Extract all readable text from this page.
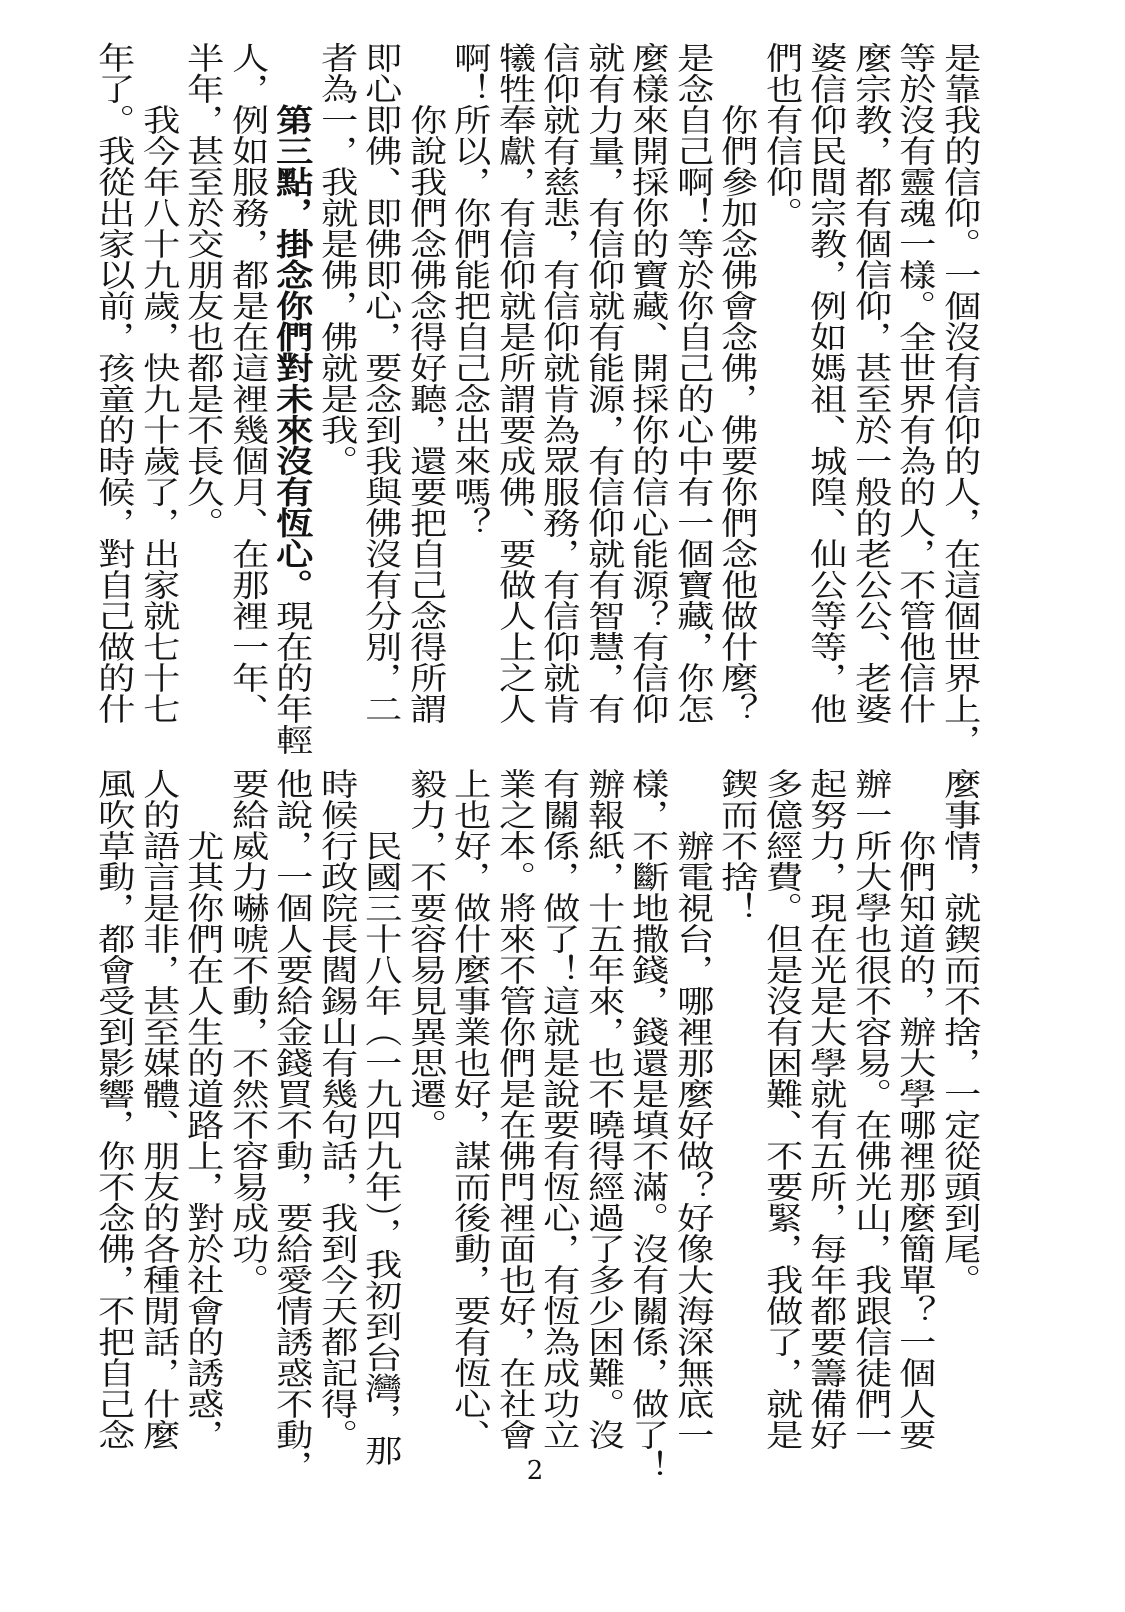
是靠我的信仰。一個沒有信仰的人，在這個世界上，
等於沒有靈魂一樣。全世界有為的人，不管他信什
麼宗教，都有個信仰，甚至於一般的老公公、老婆
婆信仰民間宗教，例如媽祖、城隍、仙公等等，他
們也有信仰。
你們參加念佛會念佛，佛要你們念他做什麼？
是念自己啊！等於你自己的心中有一個寶藏，你怎
麼樣來開採你的寶藏、開採你的信心能源？有信仰
就有力量，有信仰就有能源，有信仰就有智慧，有
信仰就有慈悲，有信仰就肯為眾服務，有信仰就肯
犧牲奉獻，有信仰就是所謂要成佛、要做人上之人
啊！所以，你們能把自己念出來嗎？
你說我們念佛念得好聽，還要把自己念得所謂
即心即佛、即佛即心，要念到我與佛沒有分別，二
者為一，我就是佛，佛就是我。
第三點，掛念你們對未來沒有恆心。現在的年輕
人，例如服務，都是在這裡幾個月、在那裡一年、
半年，甚至於交朋友也都是不長久。
我今年八十九歲，快九十歲了，出家就七十七
年了。我從出家以前，孩童的時候，對自己做的什
麼事情，就鍥而不捨，一定從頭到尾。
你們知道的，辦大學哪裡那麼簡單？一個人要
辦一所大學也很不容易。在佛光山，我跟信徒們一
起努力，現在光是大學就有五所，每年都要籌備好
多億經費。但是沒有困難、不要緊，我做了，就是
鍥而不捨！
辦電視台，哪裡那麼好做？好像大海深無底一
樣，不斷地撒錢，錢還是填不滿。沒有關係，做了！
辦報紙，十五年來，也不曉得經過了多少困難。沒
有關係，做了！這就是說要有恆心，有恆為成功立
業之本。將來不管你們是在佛門裡面也好，在社會
上也好，做什麼事業也好，謀而後動，要有恆心、
毅力，不要容易見異思遷。
民國三十八年（一九四九年），我初到台灣，那
時候行政院長閻錫山有幾句話，我到今天都記得。
他說，一個人要給金錢買不動，要給愛情誘惑不動，
要給威力嚇唬不動，不然不容易成功。
尤其你們在人生的道路上，對於社會的誘惑，
人的語言是非，甚至媒體、朋友的各種閒話，什麼
風吹草動，都會受到影響，你不念佛，不把自己念
2
